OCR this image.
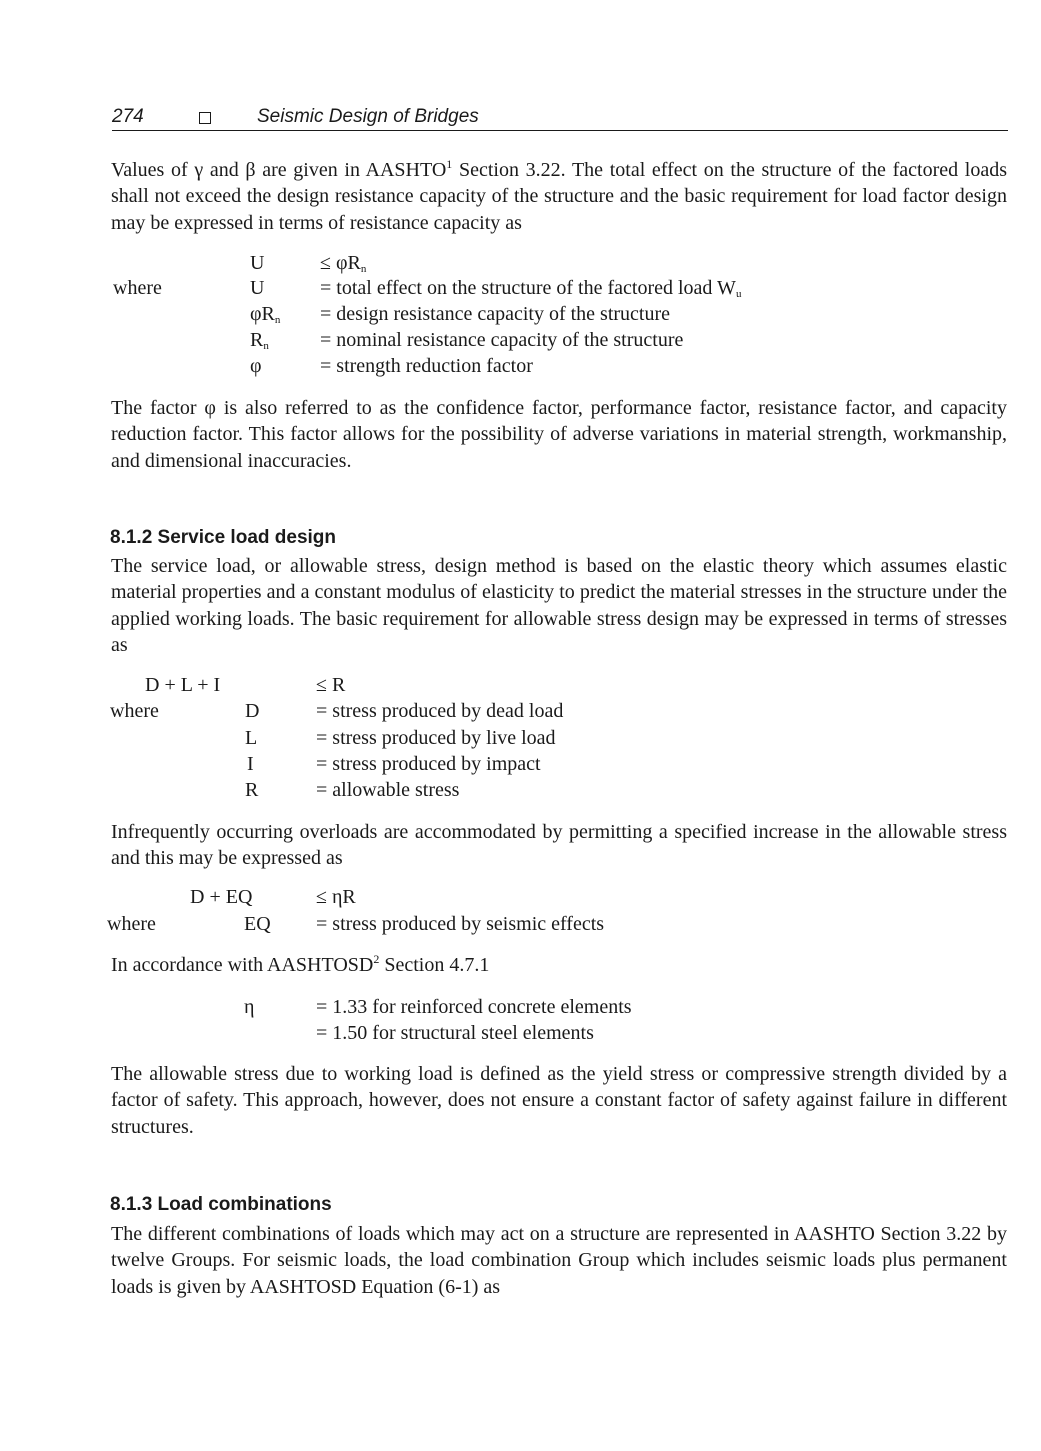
274	Seismic Design of Bridges

Values of γ and β are given in AASHTO$^1$ Section 3.22. The total effect on the structure of the factored loads shall not exceed the design resistance capacity of the structure and the basic requirement for load factor design may be expressed in terms of resistance capacity as

U	≤ $\varphi R_n$
where	U	= total effect on the structure of the factored load $W_u$
$\varphi R_n$ = design resistance capacity of the structure
$R_n$	= nominal resistance capacity of the structure
φ	= strength reduction factor

The factor φ is also referred to as the confidence factor, performance factor, resistance factor, and capacity reduction factor. This factor allows for the possibility of adverse variations in material strength, workmanship, and dimensional inaccuracies.

8.1.2 Service load design

The service load, or allowable stress, design method is based on the elastic theory which assumes elastic material properties and a constant modulus of elasticity to predict the material stresses in the structure under the applied working loads. The basic requirement for allowable stress design may be expressed in terms of stresses as

D + L + I	≤ R
where	D	= stress produced by dead load
L	= stress produced by live load
I	= stress produced by impact
R	= allowable stress

Infrequently occurring overloads are accommodated by permitting a specified increase in the allowable stress and this may be expressed as

D + EQ	≤ ηR
where	EQ = stress produced by seismic effects

In accordance with AASHTOSD$^2$ Section 4.7.1

η	= 1.33 for reinforced concrete elements
= 1.50 for structural steel elements

The allowable stress due to working load is defined as the yield stress or compressive strength divided by a factor of safety. This approach, however, does not ensure a constant factor of safety against failure in different structures.

8.1.3 Load combinations

The different combinations of loads which may act on a structure are represented in AASHTO Section 3.22 by twelve Groups. For seismic loads, the load combination Group which includes seismic loads plus permanent loads is given by AASHTOSD Equation (6-1) as
